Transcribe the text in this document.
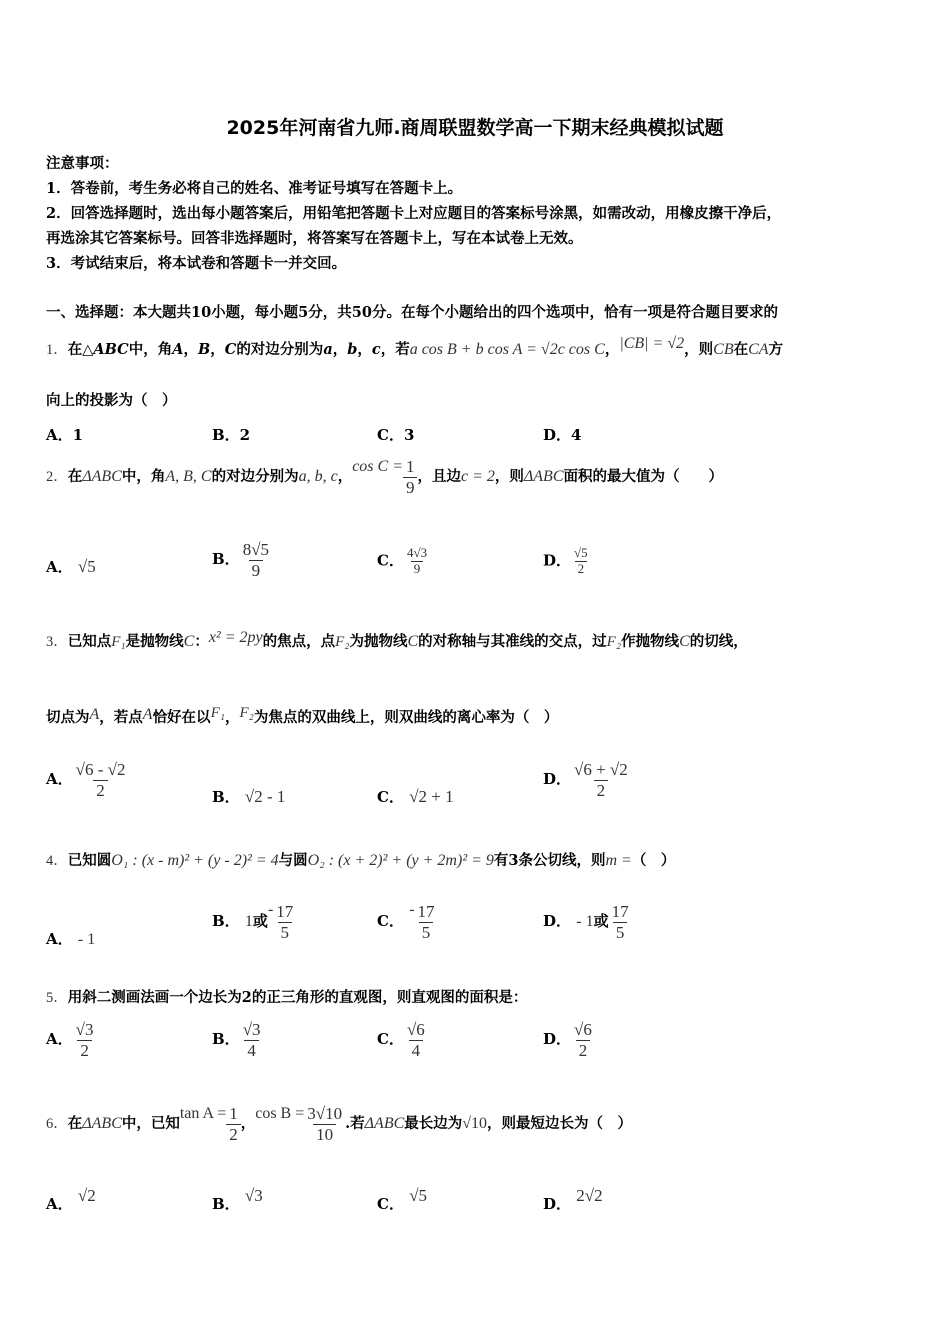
2025年河南省九师.商周联盟数学高一下期末经典模拟试题
注意事项：
1．答卷前，考生务必将自己的姓名、准考证号填写在答题卡上。
2．回答选择题时，选出每小题答案后，用铅笔把答题卡上对应题目的答案标号涂黑，如需改动，用橡皮擦干净后，
再选涂其它答案标号。回答非选择题时，将答案写在答题卡上，写在本试卷上无效。
3．考试结束后，将本试卷和答题卡一并交回。
一、选择题：本大题共10小题，每小题5分，共50分。在每个小题给出的四个选项中，恰有一项是符合题目要求的
1．在△ABC中，角A，B，C的对边分别为a，b，c，若a cos B + b cos A = √2c cos C，|CB| = √2，则CB在CA方
向上的投影为（　）
A．1	B．2	C．3	D．4
2．在ΔABC中，角A, B, C的对边分别为a, b, c，$\cos C = \frac{1}{9}$ ，且边c = 2，则ΔABC面积的最大值为（　　）
A． √5	B． $\frac{8√5}{9}$	C． $\frac{4√3}{9}$	D． $\frac{√5}{2}$
3．已知点F₁是抛物线C：x² = 2py的焦点，点F₂为抛物线C的对称轴与其准线的交点，过F₂作抛物线C的切线，
切点为A，若点A恰好在以F₁，F₂为焦点的双曲线上，则双曲线的离心率为（　）
A． $\frac{√6 - √2}{2}$	B． √2 - 1	C． √2 + 1
D． $\frac{√6 + √2}{2}$
4．已知圆O₁ : (x - m)² + (y - 2)² = 4与圆O₂ : (x + 2)² + (y + 2m)² = 9有3条公切线，则m =（　）
A． - 1
B． 1或- $\frac{17}{5}$	C． - $\frac{17}{5}$	D． - 1或 $\frac{17}{5}$
5．用斜二测画法画一个边长为2的正三角形的直观图，则直观图的面积是：
A． $\frac{√3}{2}$	B． $\frac{√3}{4}$	C． $\frac{√6}{4}$	D． $\frac{√6}{2}$
6．在ΔABC中，已知$\tan A = \frac{1}{2}$ ，$\cos B = \frac{3√10}{10}$ .若ΔABC最长边为√10，则最短边长为（　）
A． √2	B． √3	C． √5	D． 2√2
